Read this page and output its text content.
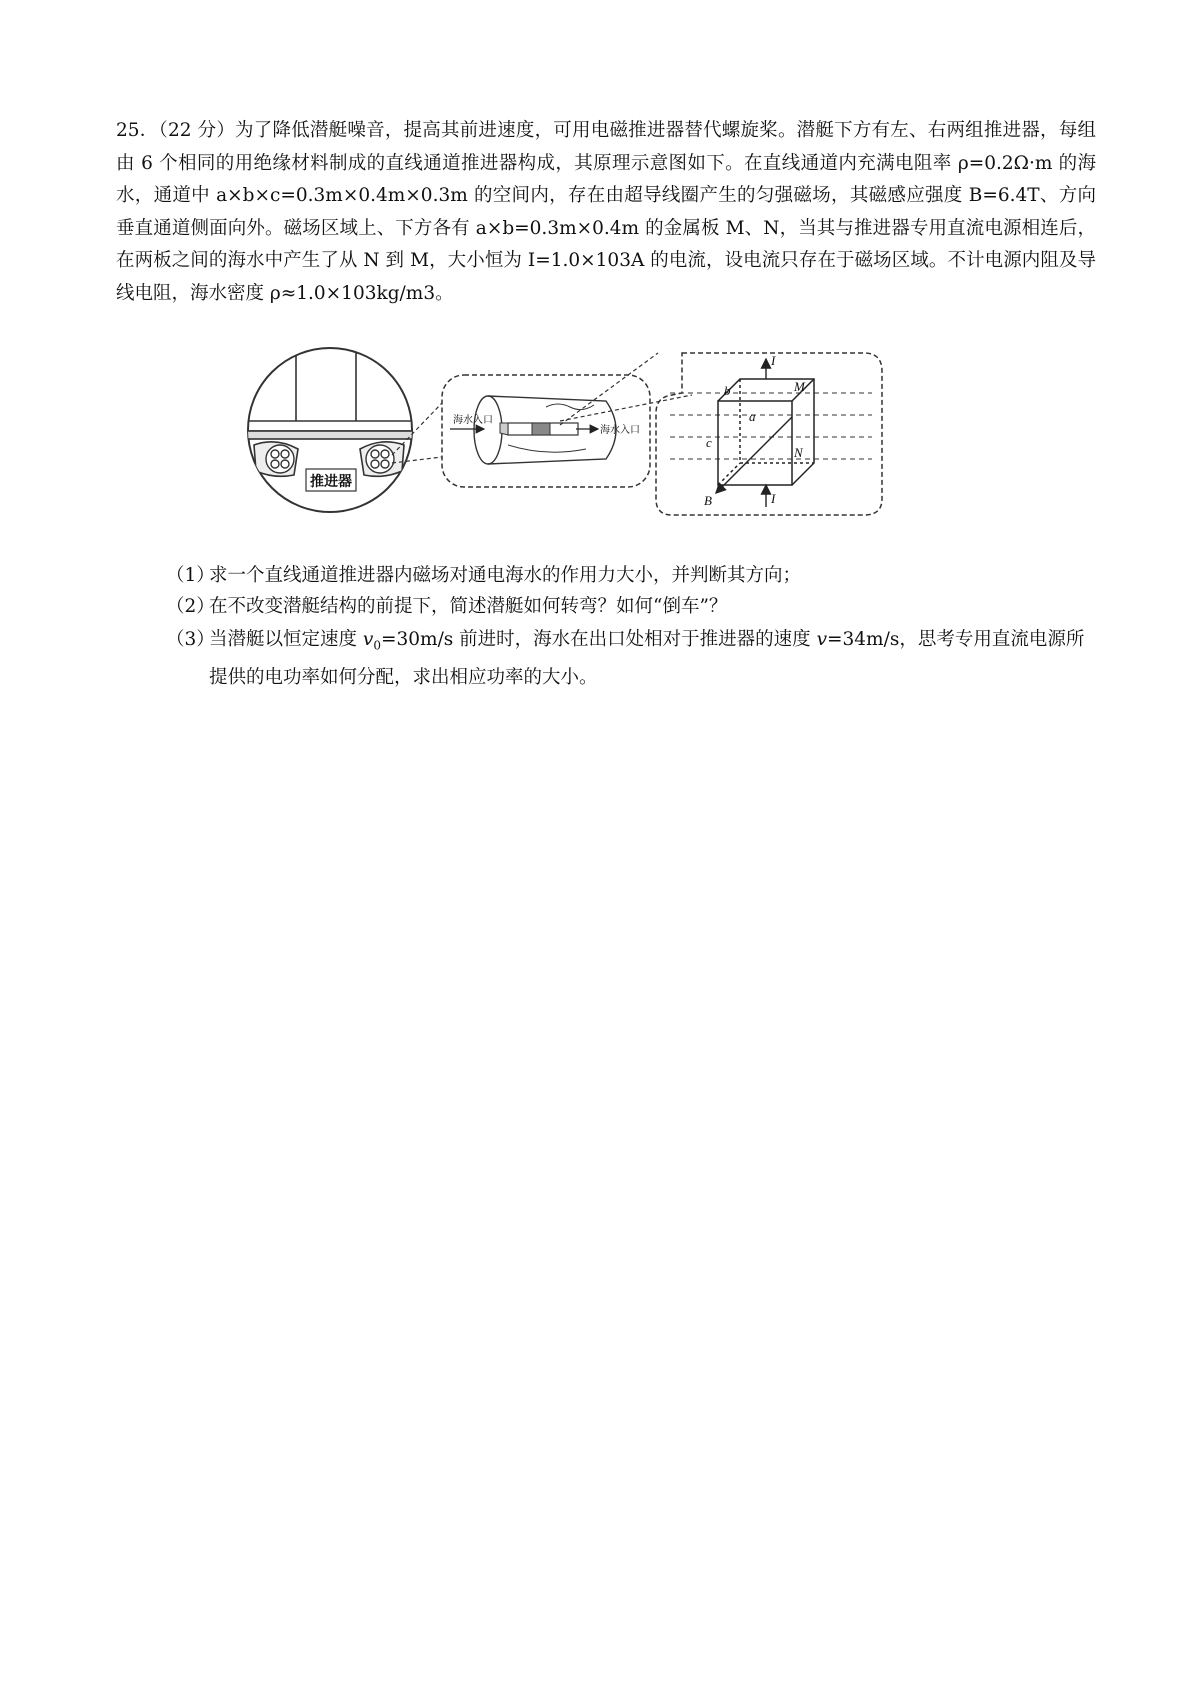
25．（22 分）为了降低潜艇噪音，提高其前进速度，可用电磁推进器替代螺旋桨。潜艇下方有左、右两组推进器，每组由 6 个相同的用绝缘材料制成的直线通道推进器构成，其原理示意图如下。在直线通道内充满电阻率 ρ=0.2Ω·m 的海水，通道中 a×b×c=0.3m×0.4m×0.3m 的空间内，存在由超导线圈产生的匀强磁场，其磁感应强度 B=6.4T、方向垂直通道侧面向外。磁场区域上、下方各有 a×b=0.3m×0.4m 的金属板 M、N，当其与推进器专用直流电源相连后，在两板之间的海水中产生了从 N 到 M，大小恒为 I=1.0×103A 的电流，设电流只存在于磁场区域。不计电源内阻及导线电阻，海水密度 ρ≈1.0×103kg/m3。

推进器
海水入口
海水入口
I
I
a
b
c
M
N
B
（1）
求一个直线通道推进器内磁场对通电海水的作用力大小，并判断其方向；
（2）
在不改变潜艇结构的前提下，简述潜艇如何转弯？如何“倒车”？
（3）
当潜艇以恒定速度 $v_0=30m/s$ 前进时，海水在出口处相对于推进器的速度 v=34m/s，思考专用直流电源所提供的电功率如何分配，求出相应功率的大小。
